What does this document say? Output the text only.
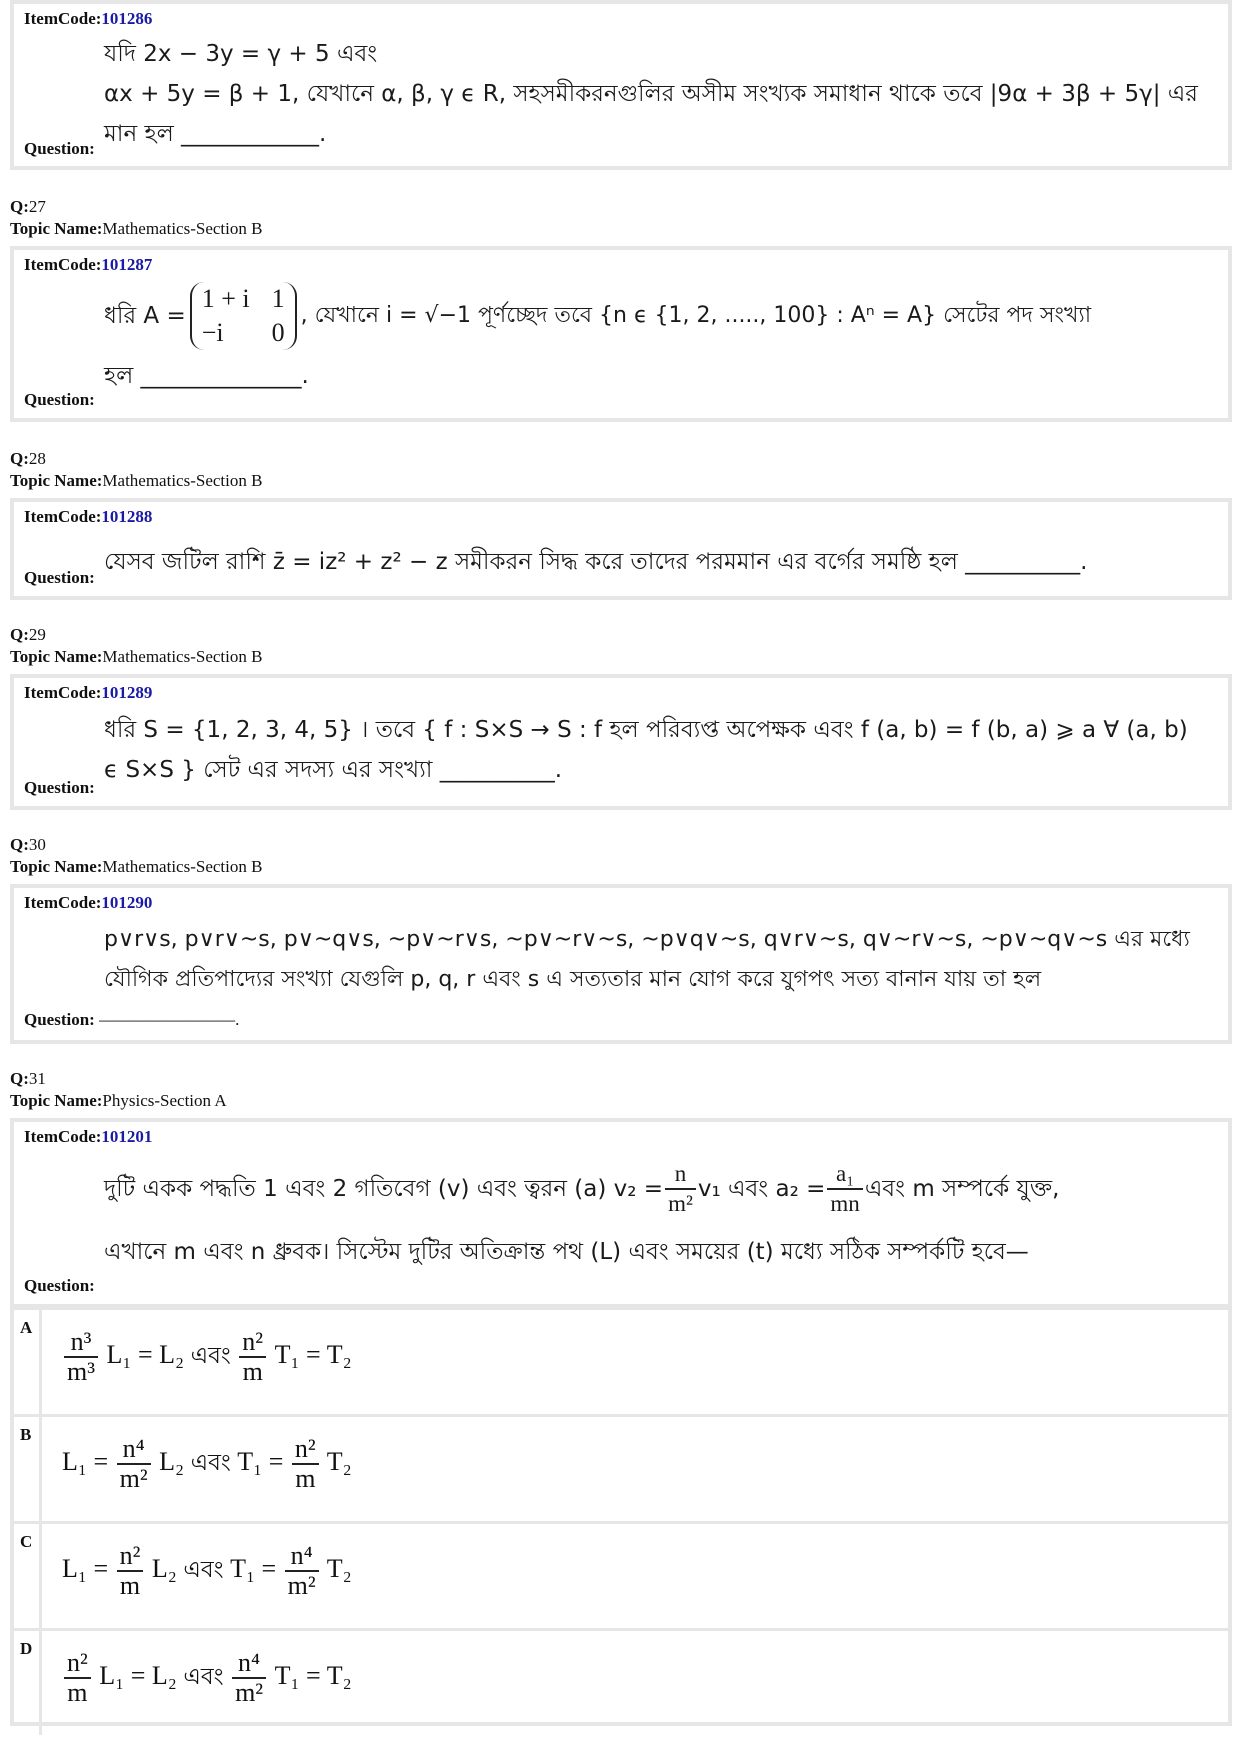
ItemCode:101286
যদি 2x − 3y = γ + 5 এবং
αx + 5y = β + 1, যেখানে α, β, γ ϵ R, সহসমীকরনগুলির অসীম সংখ্যক সমাধান থাকে তবে |9α + 3β + 5γ| এর
মান হল ____________.
Question:
Q:27
Topic Name:Mathematics-Section B
ItemCode:101287
ধরি A =
1 + i 1
−i	0
, যেখানে i = √−1 পূর্ণচ্ছেদ তবে {n ϵ {1, 2, ....., 100} : Aⁿ = A} সেটের পদ সংখ্যা
হল ______________.
Question:
Q:28
Topic Name:Mathematics-Section B
ItemCode:101288
যেসব জটিল রাশি z̄ = iz² + z² − z সমীকরন সিদ্ধ করে তাদের পরমমান এর বর্গের সমষ্ঠি হল __________.
Question:
Q:29
Topic Name:Mathematics-Section B
ItemCode:101289
ধরি S = {1, 2, 3, 4, 5} । তবে { f : S×S → S : f হল পরিব্যপ্ত অপেক্ষক এবং f (a, b) = f (b, a) ⩾ a ∀ (a, b)
ϵ S×S } সেট এর সদস্য এর সংখ্যা __________.
Question:
Q:30
Topic Name:Mathematics-Section B
ItemCode:101290
p∨r∨s, p∨r∨~s, p∨~q∨s, ~p∨~r∨s, ~p∨~r∨~s, ~p∨q∨~s, q∨r∨~s, q∨~r∨~s, ~p∨~q∨~s এর মধ্যে
যৌগিক প্রতিপাদ্যের সংখ্যা যেগুলি p, q, r এবং s এ সত্যতার মান যোগ করে যুগপৎ সত্য বানান যায় তা হল
Question: ————————.
Q:31
Topic Name:Physics-Section A
ItemCode:101201
দুটি একক পদ্ধতি 1 এবং 2 গতিবেগ (v) এবং ত্বরন (a) $v_2 = \frac{n}{\text{m²}} v_1$ এবং $a_2 = \frac{\text{a₁}}{mn}$ এবং m সম্পর্কে যুক্ত,
এখানে m এবং n ধ্রুবক। সিস্টেম দুটির অতিক্রান্ত পথ (L) এবং সময়ের (t) মধ্যে সঠিক সম্পর্কটি হবে—
Question:
A
$\frac{\text{n³}}{\text{m³}} L_1 = L_2$ এবং $\frac{\text{n²}}{m} T_1 = T_2$
B
$L_1 = \frac{\text{n⁴}}{\text{m²}} L_2$ এবং $T_1 = \frac{\text{n²}}{m} T_2$
C
$L_1 = \frac{\text{n²}}{m} L_2$ এবং $T_1 = \frac{\text{n⁴}}{\text{m²}} T_2$
D
$\frac{\text{n²}}{m} L_1 = L_2$ এবং $\frac{\text{n⁴}}{\text{m²}} T_1 = T_2$
